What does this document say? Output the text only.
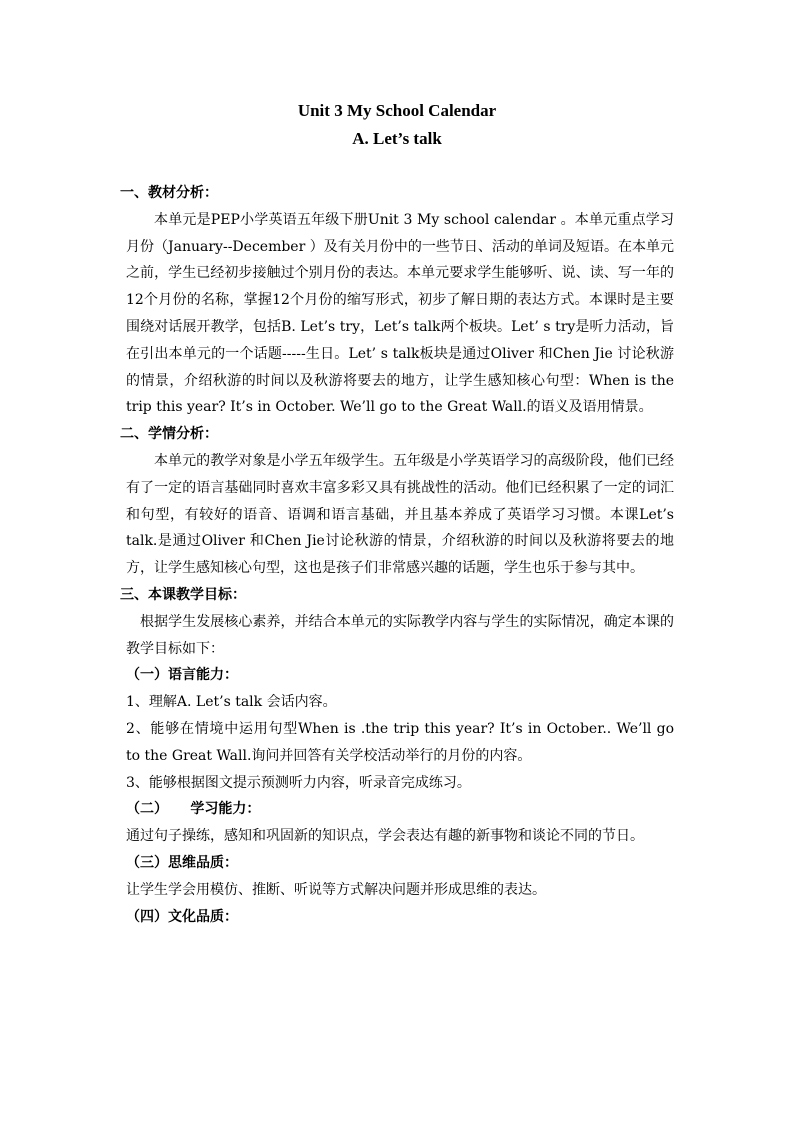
Unit 3 My School Calendar

A. Let’s talk

一、教材分析：

本单元是PEP小学英语五年级下册Unit 3 My school calendar 。本单元重点学习月份（January--December ）及有关月份中的一些节日、活动的单词及短语。在本单元之前，学生已经初步接触过个别月份的表达。本单元要求学生能够听、说、读、写一年的12个月份的名称，掌握12个月份的缩写形式，初步了解日期的表达方式。本课时是主要围绕对话展开教学，包括B. Let’s try，Let’s talk两个板块。Let’ s try是听力活动，旨在引出本单元的一个话题-----生日。Let’ s talk板块是通过Oliver 和Chen Jie 讨论秋游的情景，介绍秋游的时间以及秋游将要去的地方，让学生感知核心句型：When is the trip this year? It’s in October. We’ll go to the Great Wall.的语义及语用情景。

二、学情分析：

本单元的教学对象是小学五年级学生。五年级是小学英语学习的高级阶段，他们已经有了一定的语言基础同时喜欢丰富多彩又具有挑战性的活动。他们已经积累了一定的词汇和句型，有较好的语音、语调和语言基础，并且基本养成了英语学习习惯。本课Let’s talk.是通过Oliver 和Chen Jie讨论秋游的情景，介绍秋游的时间以及秋游将要去的地方，让学生感知核心句型，这也是孩子们非常感兴趣的话题，学生也乐于参与其中。

三、本课教学目标：

根据学生发展核心素养，并结合本单元的实际教学内容与学生的实际情况，确定本课的教学目标如下：

（一）语言能力：

1、理解A. Let’s talk 会话内容。

2、能够在情境中运用句型When is .the trip this year? It’s in October.. We’ll go to the Great Wall.询问并回答有关学校活动举行的月份的内容。

3、能够根据图文提示预测听力内容，听录音完成练习。

（二） 学习能力：

通过句子操练，感知和巩固新的知识点，学会表达有趣的新事物和谈论不同的节日。

（三）思维品质：

让学生学会用模仿、推断、听说等方式解决问题并形成思维的表达。

（四）文化品质：
